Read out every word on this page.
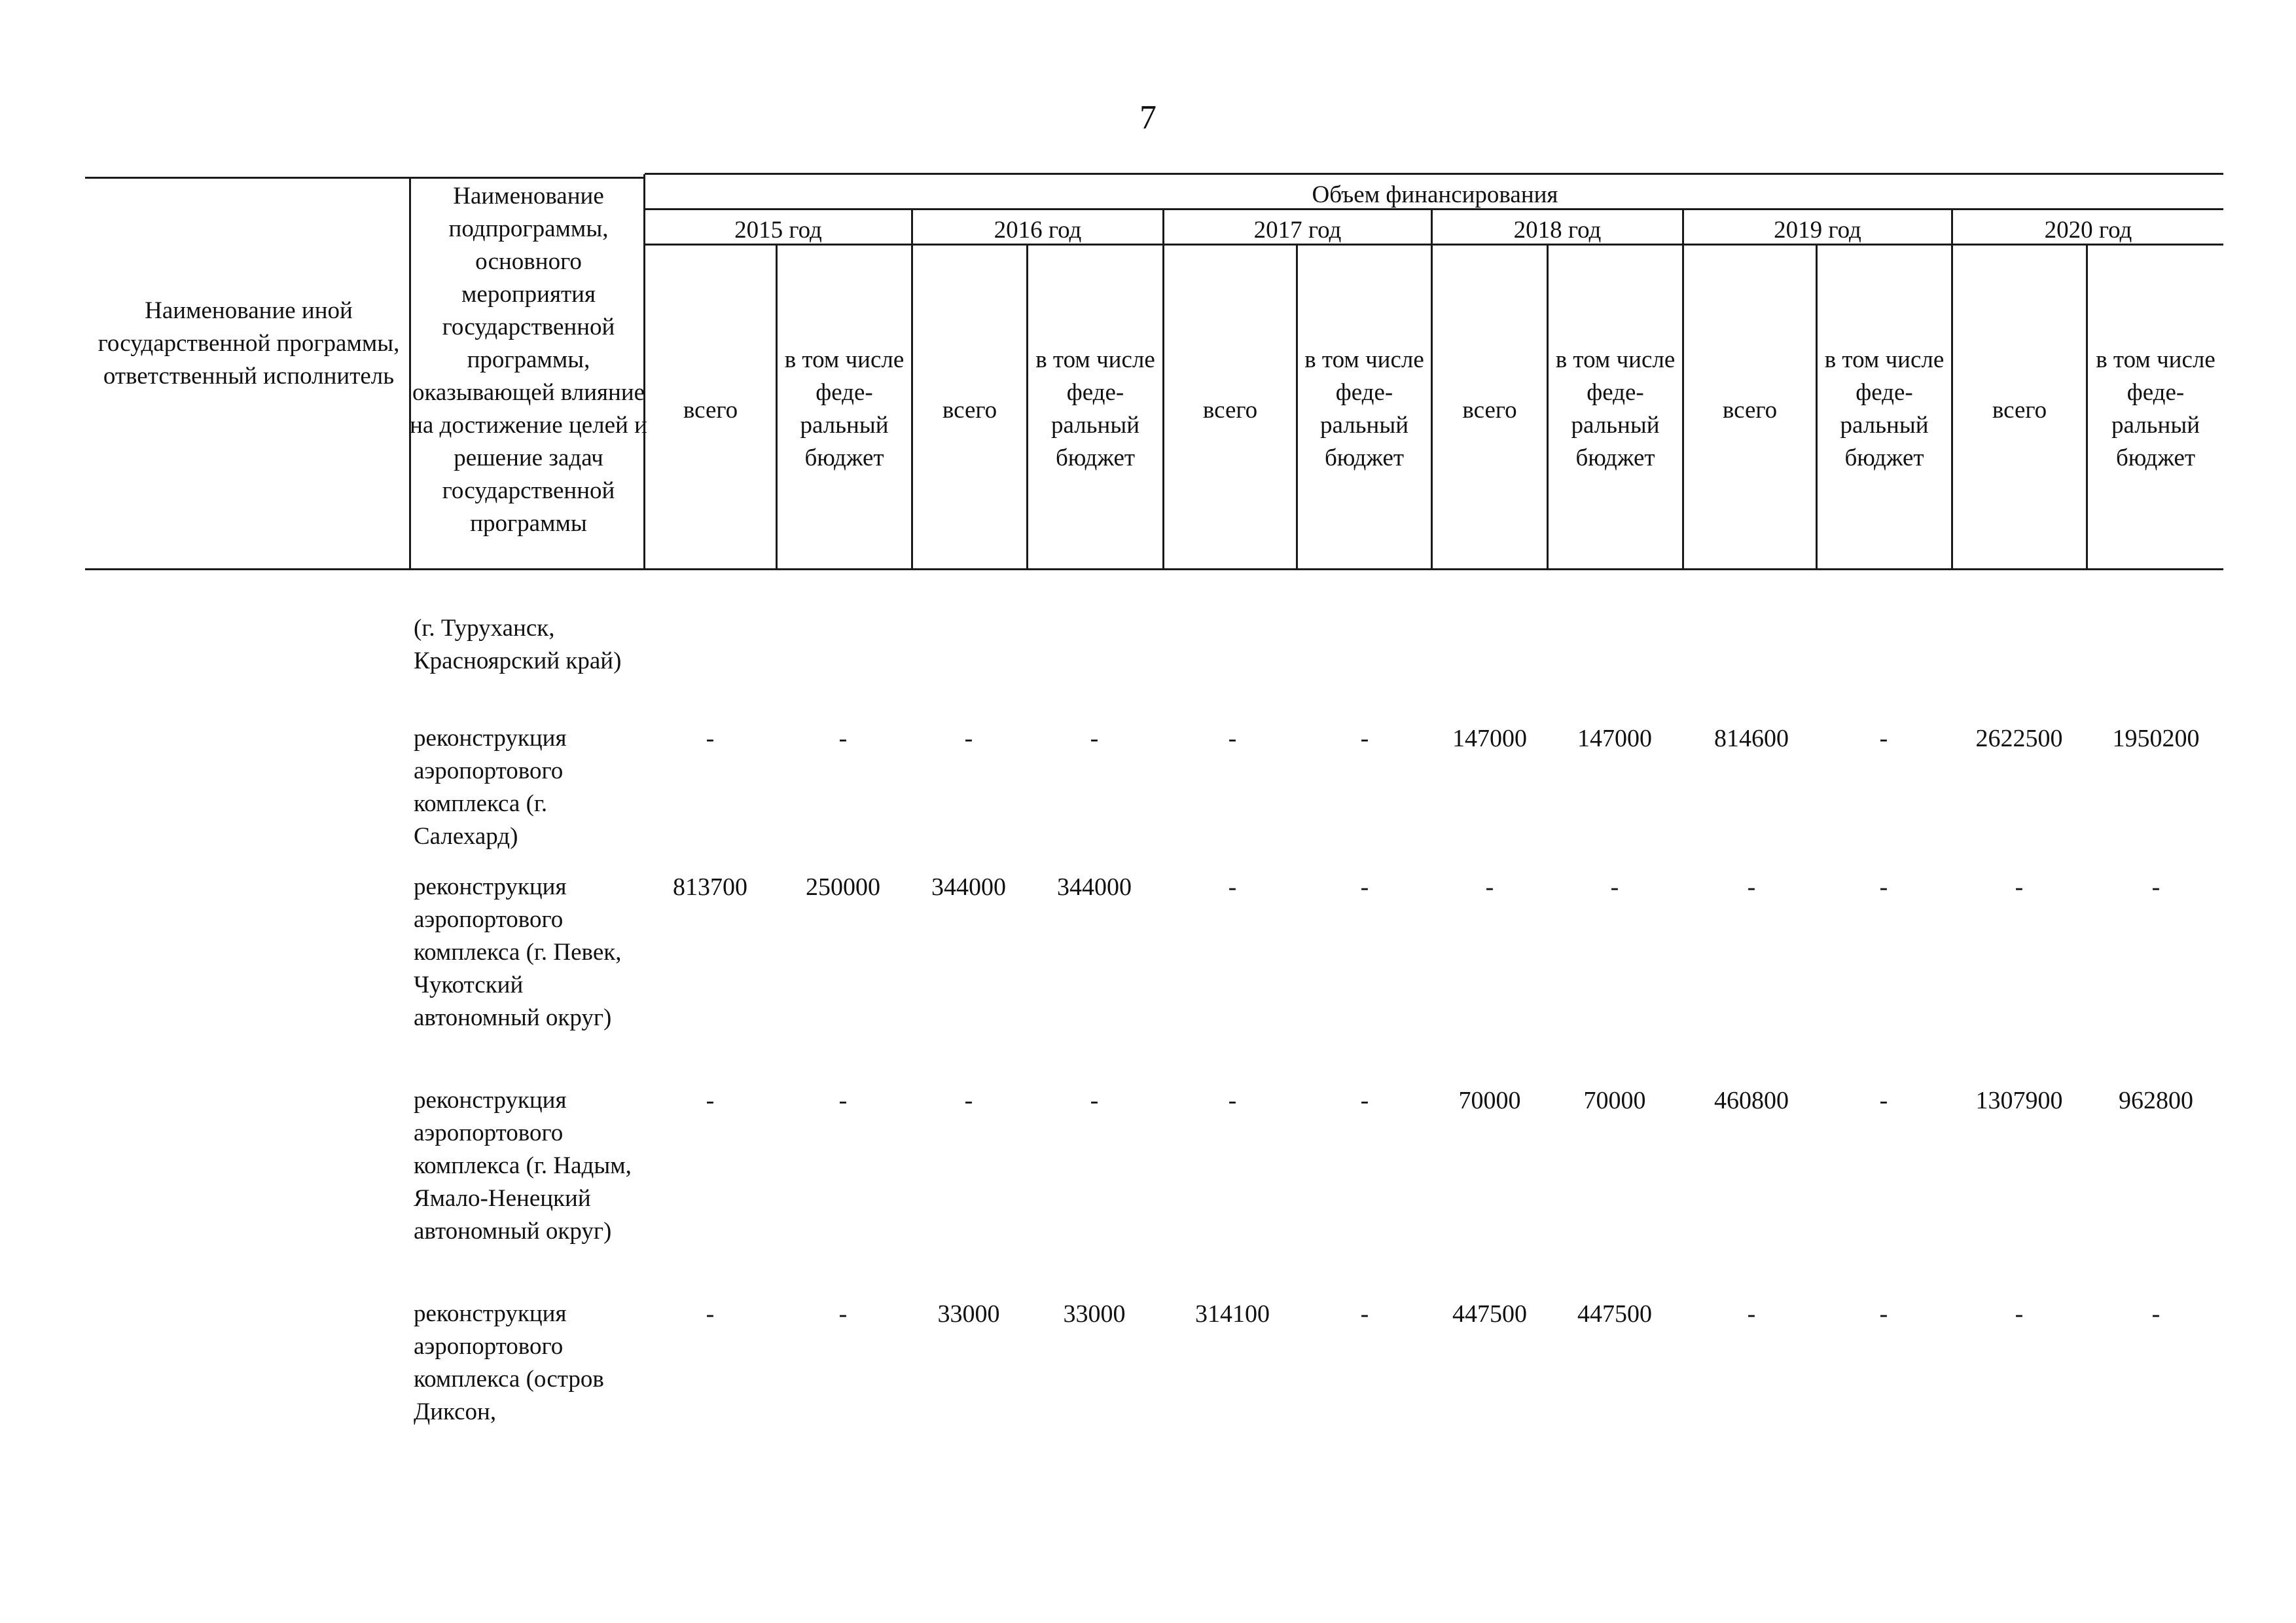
7
Наименование иной государственной программы, ответственный исполнитель
Наименование подпрограммы, основного мероприятия государственной программы, оказывающей влияние на достижение целей и решение задач государственной программы
Объем финансирования
2015 год	2016 год	2017 год	2018 год	2019 год	2020 год
всего
в том числе феде-ральный бюджет
всего
в том числе феде-ральный бюджет
всего
в том числе феде-ральный бюджет
всего
в том числе феде-ральный бюджет
всего
в том числе феде-ральный бюджет
всего
в том числе феде-ральный бюджет
(г. Туруханск, Красноярский край)
реконструкция аэропортового комплекса (г. Салехард)
-	-	-	-	-	-	147000	147000	814600	-	2622500	1950200
реконструкция аэропортового комплекса (г. Певек, Чукотский автономный округ)
813700	250000	344000	344000	-	-	-	-	-	-	-	-
реконструкция аэропортового комплекса (г. Надым, Ямало-Ненецкий автономный округ)
-	-	-	-	-	-	70000	70000	460800	-	1307900	962800
реконструкция аэропортового комплекса (остров Диксон,
-	-	33000	33000	314100	-	447500	447500	-	-	-	-
